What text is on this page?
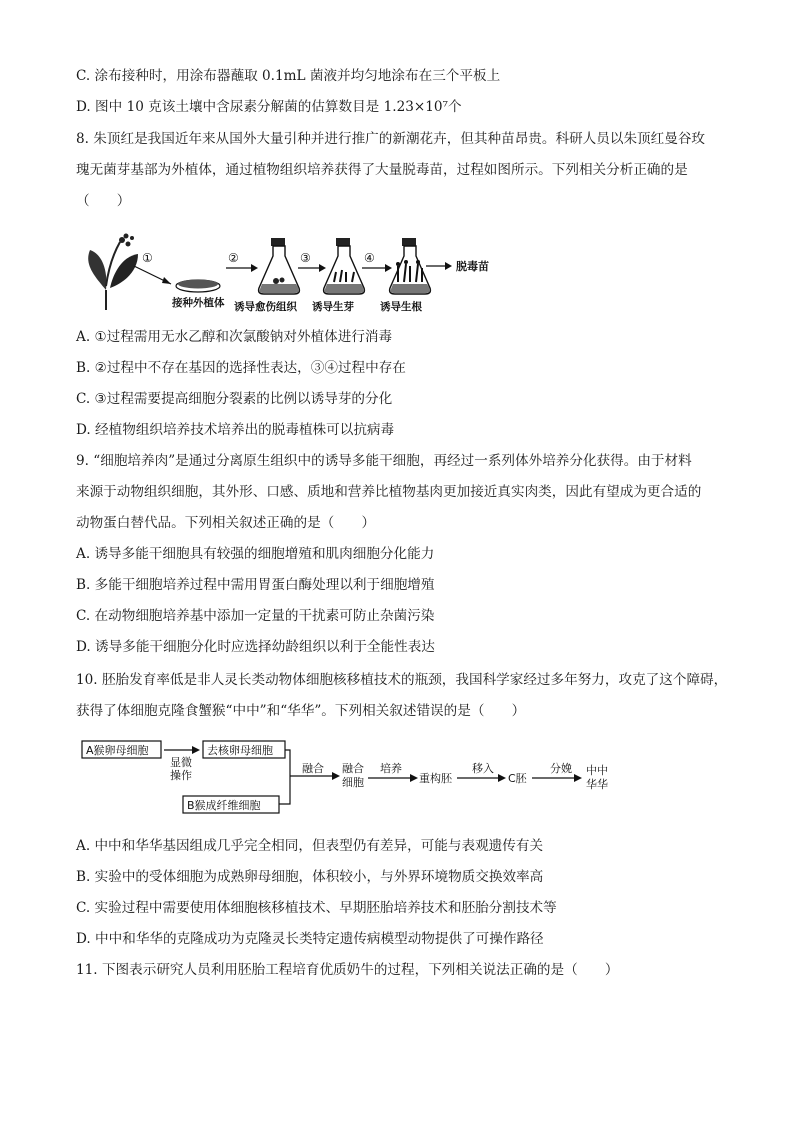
C. 涂布接种时，用涂布器蘸取 0.1mL 菌液并均匀地涂布在三个平板上
D. 图中 10 克该土壤中含尿素分解菌的估算数目是 1.23×10⁷个
8. 朱顶红是我国近年来从国外大量引种并进行推广的新潮花卉，但其种苗昂贵。科研人员以朱顶红曼谷玫
瑰无菌芽基部为外植体，通过植物组织培养获得了大量脱毒苗，过程如图所示。下列相关分析正确的是
（　　）
①
接种外植体
②
诱导愈伤组织
③
诱导生芽
④
诱导生根
脱毒苗
A. ①过程需用无水乙醇和次氯酸钠对外植体进行消毒
B. ②过程中不存在基因的选择性表达，③④过程中存在
C. ③过程需要提高细胞分裂素的比例以诱导芽的分化
D. 经植物组织培养技术培养出的脱毒植株可以抗病毒
9. “细胞培养肉”是通过分离原生组织中的诱导多能干细胞，再经过一系列体外培养分化获得。由于材料
来源于动物组织细胞，其外形、口感、质地和营养比植物基肉更加接近真实肉类，因此有望成为更合适的
动物蛋白替代品。下列相关叙述正确的是（　　）
A. 诱导多能干细胞具有较强的细胞增殖和肌肉细胞分化能力
B. 多能干细胞培养过程中需用胃蛋白酶处理以利于细胞增殖
C. 在动物细胞培养基中添加一定量的干扰素可防止杂菌污染
D. 诱导多能干细胞分化时应选择幼龄组织以利于全能性表达
10. 胚胎发育率低是非人灵长类动物体细胞核移植技术的瓶颈，我国科学家经过多年努力，攻克了这个障碍，
获得了体细胞克隆食蟹猴“中中”和“华华”。下列相关叙述错误的是（　　）
A猴卵母细胞
显微
操作
去核卵母细胞
B猴成纤维细胞
融合 融合
细胞
培养
重构胚
移入
C胚
分娩 中中
华华
A. 中中和华华基因组成几乎完全相同，但表型仍有差异，可能与表观遗传有关
B. 实验中的受体细胞为成熟卵母细胞，体积较小，与外界环境物质交换效率高
C. 实验过程中需要使用体细胞核移植技术、早期胚胎培养技术和胚胎分割技术等
D. 中中和华华的克隆成功为克隆灵长类特定遗传病模型动物提供了可操作路径
11. 下图表示研究人员利用胚胎工程培育优质奶牛的过程，下列相关说法正确的是（　　）
